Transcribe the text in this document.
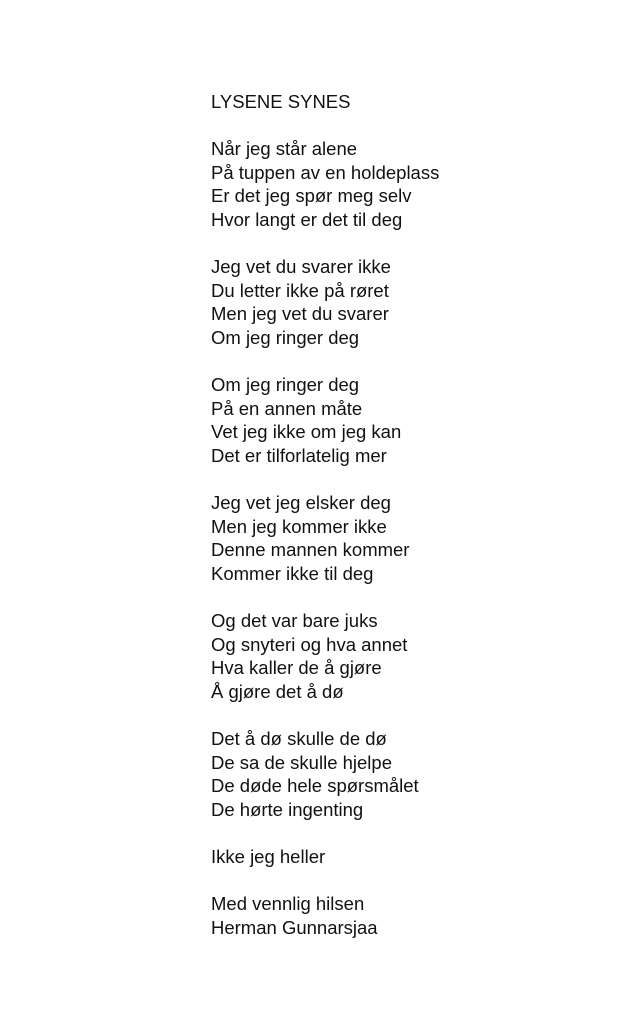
LYSENE SYNES
Når jeg står alene
På tuppen av en holdeplass
Er det jeg spør meg selv
Hvor langt er det til deg
Jeg vet du svarer ikke
Du letter ikke på røret
Men jeg vet du svarer
Om jeg ringer deg
Om jeg ringer deg
På en annen måte
Vet jeg ikke om jeg kan
Det er tilforlatelig mer
Jeg vet jeg elsker deg
Men jeg kommer ikke
Denne mannen kommer
Kommer ikke til deg
Og det var bare juks
Og snyteri og hva annet
Hva kaller de å gjøre
Å gjøre det å dø
Det å dø skulle de dø
De sa de skulle hjelpe
De døde hele spørsmålet
De hørte ingenting
Ikke jeg heller
Med vennlig hilsen
Herman Gunnarsjaa
